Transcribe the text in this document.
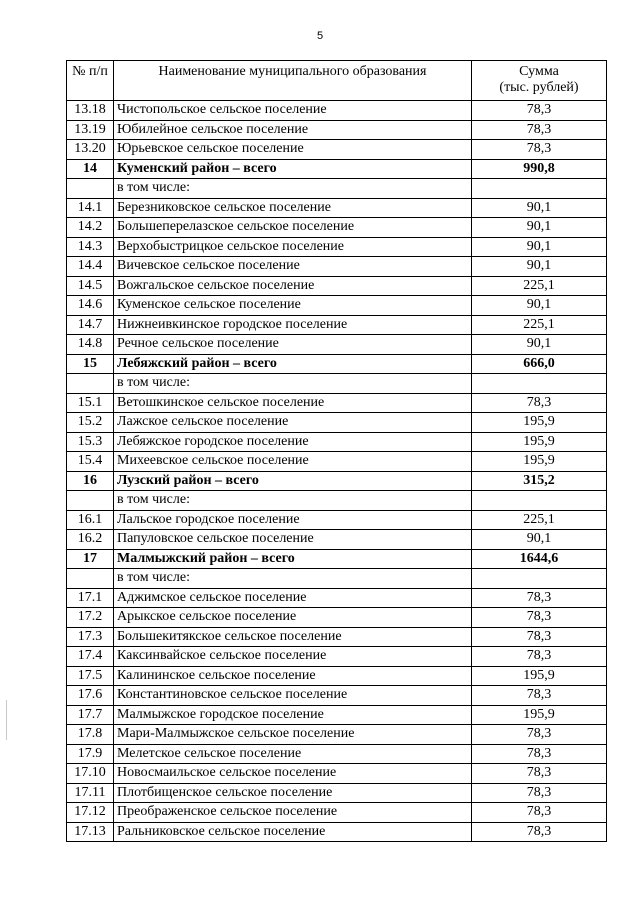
5
№ п/п	Наименование муниципального образования	Сумма
(тыс. рублей)

13.18	Чистопольское сельское поселение	78,3
13.19	Юбилейное сельское поселение	78,3
13.20	Юрьевское сельское поселение	78,3
14	Куменский район – всего	990,8
	в том числе:	
14.1	Березниковское сельское поселение	90,1
14.2	Большеперелазское сельское поселение	90,1
14.3	Верхобыстрицкое сельское поселение	90,1
14.4	Вичевское сельское поселение	90,1
14.5	Вожгальское сельское поселение	225,1
14.6	Куменское сельское поселение	90,1
14.7	Нижнеивкинское городское поселение	225,1
14.8	Речное сельское поселение	90,1
15	Лебяжский район – всего	666,0
	в том числе:	
15.1	Ветошкинское сельское поселение	78,3
15.2	Лажское сельское поселение	195,9
15.3	Лебяжское городское поселение	195,9
15.4	Михеевское сельское поселение	195,9
16	Лузский район – всего	315,2
	в том числе:	
16.1	Лальское городское поселение	225,1
16.2	Папуловское сельское поселение	90,1
17	Малмыжский район – всего	1644,6
	в том числе:	
17.1	Аджимское сельское поселение	78,3
17.2	Арыкское сельское поселение	78,3
17.3	Большекитякское сельское поселение	78,3
17.4	Каксинвайское сельское поселение	78,3
17.5	Калининское сельское поселение	195,9
17.6	Константиновское сельское поселение	78,3
17.7	Малмыжское городское поселение	195,9
17.8	Мари-Малмыжское сельское поселение	78,3
17.9	Мелетское сельское поселение	78,3
17.10	Новосмаильское сельское поселение	78,3
17.11	Плотбищенское сельское поселение	78,3
17.12	Преображенское сельское поселение	78,3
17.13	Ральниковское сельское поселение	78,3
